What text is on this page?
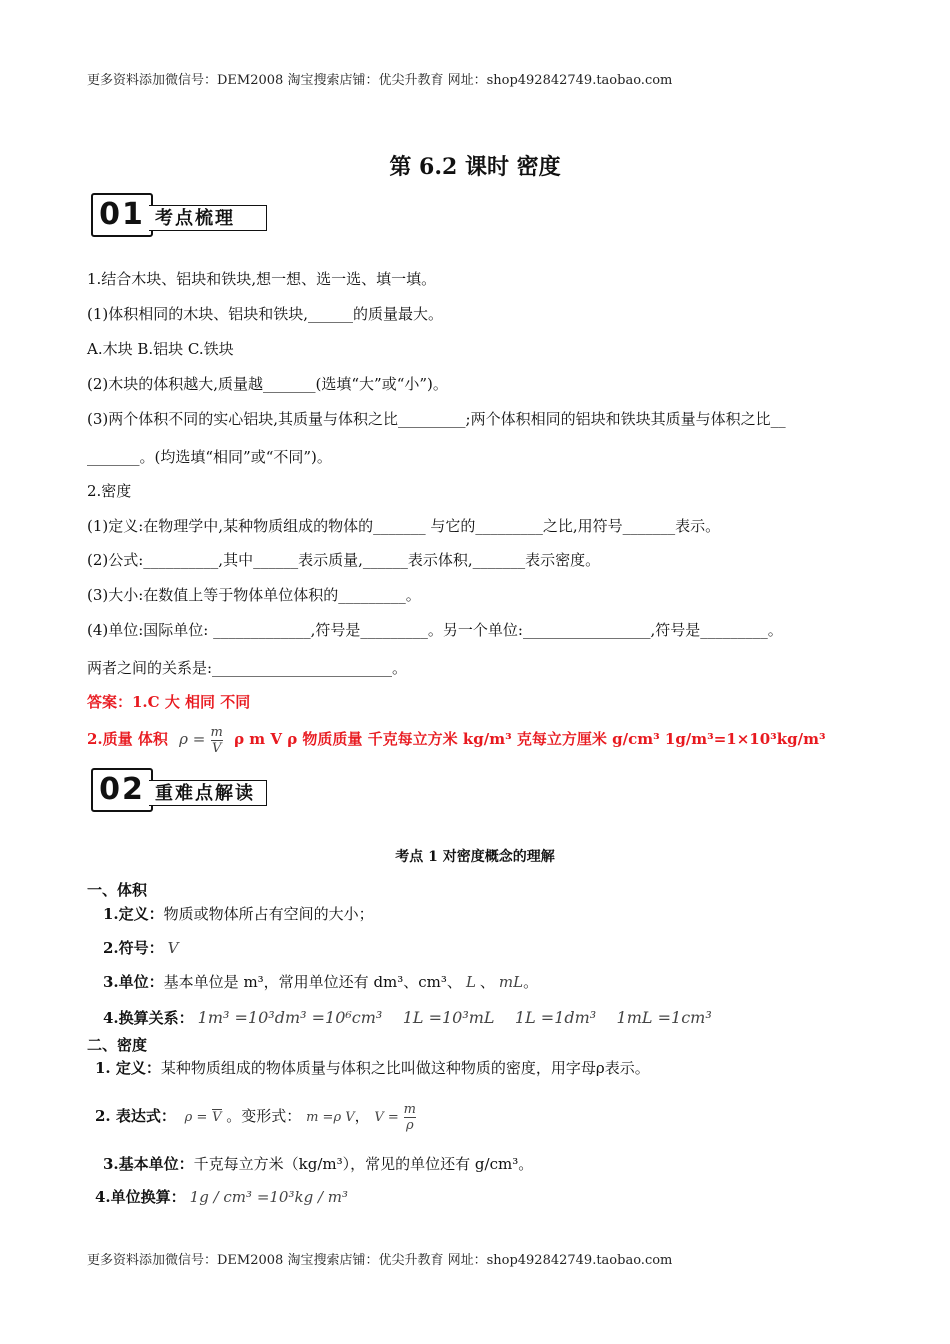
更多资料添加微信号：DEM2008 淘宝搜索店铺：优尖升教育 网址：shop492842749.taobao.com
第 6.2 课时 密度
01 考点梳理
1.结合木块、铝块和铁块,想一想、选一选、填一填。
(1)体积相同的木块、铝块和铁块,______的质量最大。
A.木块 B.铝块 C.铁块
(2)木块的体积越大,质量越_______(选填“大”或“小”)。
(3)两个体积不同的实心铝块,其质量与体积之比_________;两个体积相同的铝块和铁块其质量与体积之比__
_______。(均选填“相同”或“不同”)。
2.密度
(1)定义:在物理学中,某种物质组成的物体的_______ 与它的_________之比,用符号_______表示。
(2)公式:__________,其中______表示质量,______表示体积,_______表示密度。
(3)大小:在数值上等于物体单位体积的_________。
(4)单位:国际单位: _____________,符号是_________。另一个单位:_________________,符号是_________。
两者之间的关系是:________________________。
答案：1.C 大 相同 不同
2.质量 体积 $\rho = \frac{m}{V}$ ρ m V ρ 物质质量 千克每立方米 kg/m³ 克每立方厘米 g/cm³ 1g/m³=1×10³kg/m³
02 重难点解读
考点 1 对密度概念的理解
一、体积
1.定义：物质或物体所占有空间的大小；
2.符号： V
3.单位：基本单位是 m³，常用单位还有 dm³、cm³、 L 、 mL。
4.换算关系： 1m³ =10³dm³ =10⁶cm³    1L =10³mL    1L =1dm³    1mL =1cm³
二、密度
1. 定义：某种物质组成的物体质量与体积之比叫做这种物质的密度，用字母ρ表示。
2. 表达式： ρ = V 。变形式： m =ρ V， $V = \frac{m}{\rho}$
3.基本单位：千克每立方米（kg/m³），常见的单位还有 g/cm³。
4.单位换算： 1g / cm³ =10³kg / m³
更多资料添加微信号：DEM2008 淘宝搜索店铺：优尖升教育 网址：shop492842749.taobao.com
